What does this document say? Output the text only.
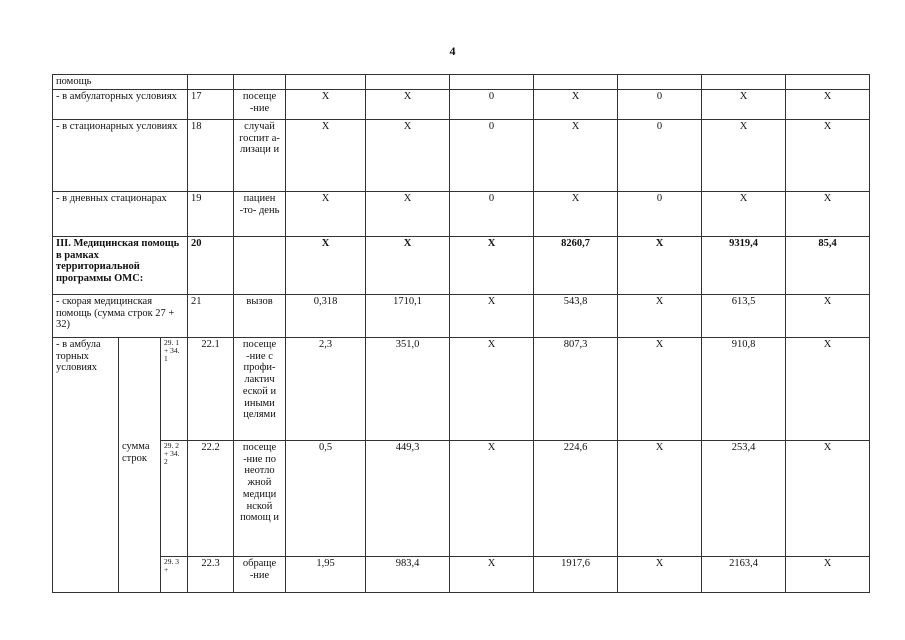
4
помощь											
- в амбулаторных условиях			17	посеще -ние	Х	Х	0	Х	0	Х	Х
- в стационарных условиях			18	случай госпит а- лизаци и	Х	Х	0	Х	0	Х	Х
- в дневных стационарах			19	пациен -то- день	Х	Х	0	Х	0	Х	Х
III. Медицинская помощь в рамках территориальной программы ОМС:			20		Х	Х	Х	8260,7	Х	9319,4	85,4
- скорая медицинская помощь (сумма строк 27 + 32)			21	вызов	0,318	1710,1	Х	543,8	Х	613,5	Х
- в амбула торных условиях		29. 1 + 34. 1	22.1	посеще -ние с профи- лактич еской и иными целями	2,3	351,0	Х	807,3	Х	910,8	Х
	сумма строк	29. 2 + 34. 2	22.2	посеще -ние по неотло жной медици нской помощ и	0,5	449,3	Х	224,6	Х	253,4	Х
		29. 3 +	22.3	обраще -ние	1,95	983,4	Х	1917,6	Х	2163,4	Х
